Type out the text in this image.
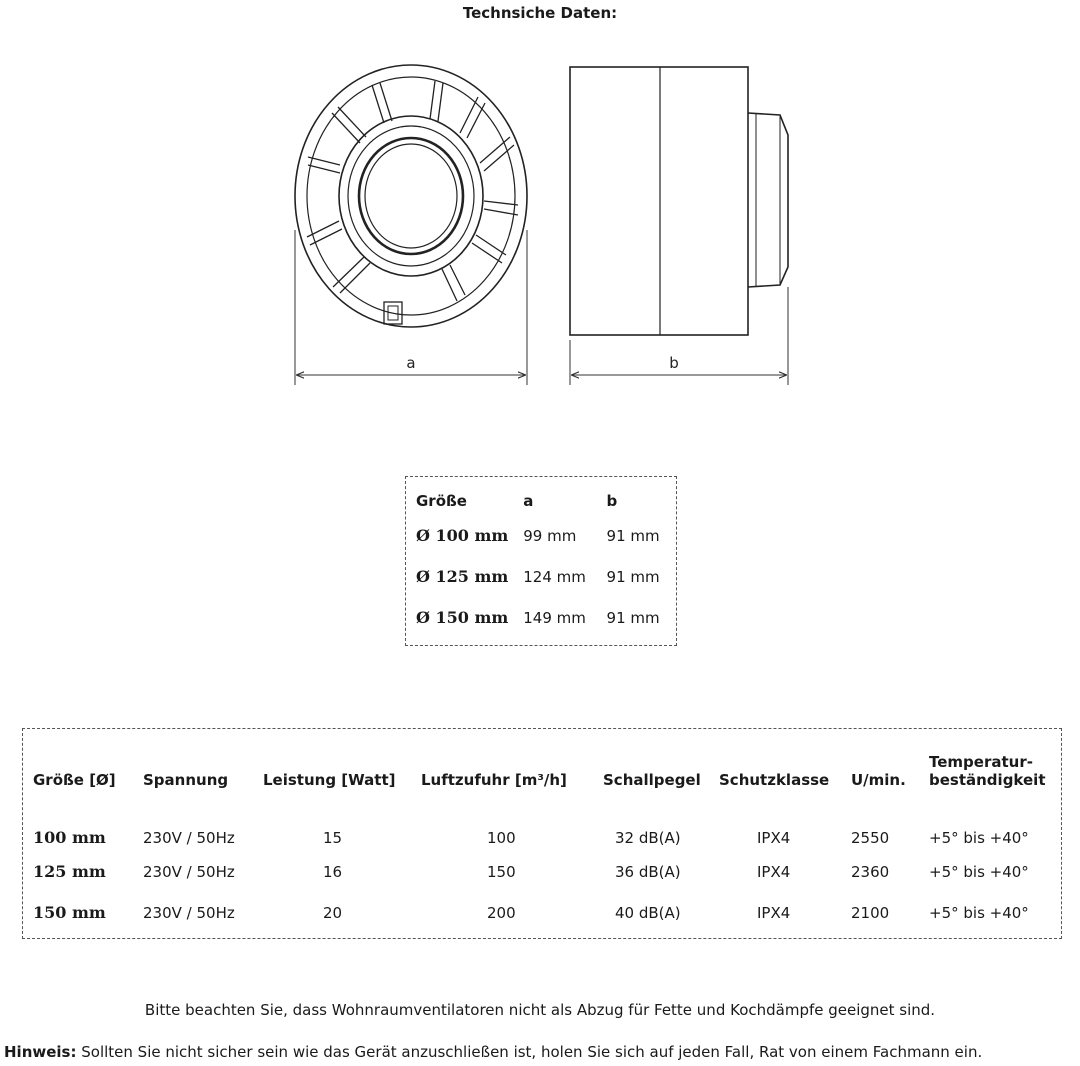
Technsiche Daten:
a	b
Größe	a	b
Ø 100 mm	99 mm	91 mm
Ø 125 mm	124 mm	91 mm
Ø 150 mm	149 mm	91 mm
Größe [Ø]	Spannung	Leistung [Watt]	Luftzufuhr [m³/h]	Schallpegel	Schutzklasse	U/min.	Temperatur-
beständigkeit
100 mm	230V / 50Hz	15	100	32 dB(A)	IPX4	2550	+5° bis +40°
125 mm	230V / 50Hz	16	150	36 dB(A)	IPX4	2360	+5° bis +40°
150 mm	230V / 50Hz	20	200	40 dB(A)	IPX4	2100	+5° bis +40°
Bitte beachten Sie, dass Wohnraumventilatoren nicht als Abzug für Fette und Kochdämpfe geeignet sind.
Hinweis: Sollten Sie nicht sicher sein wie das Gerät anzuschließen ist, holen Sie sich auf jeden Fall, Rat von einem Fachmann ein.
